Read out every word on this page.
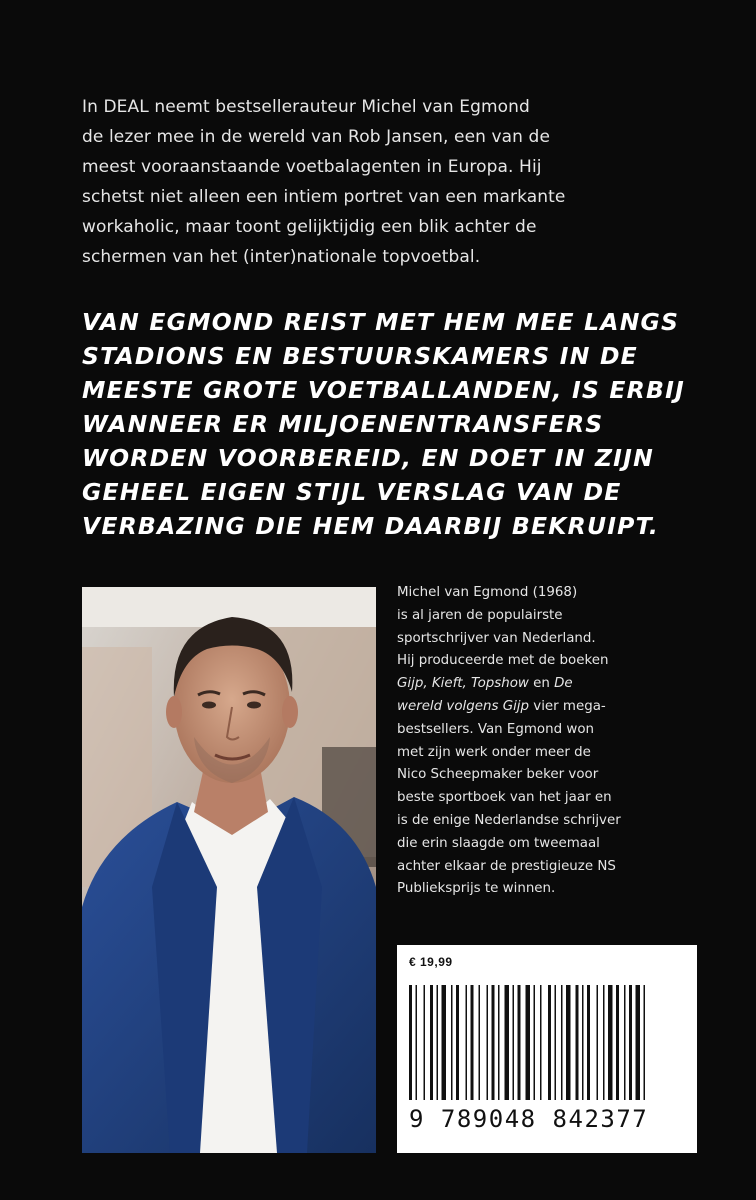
In DEAL neemt bestsellerauteur Michel van Egmond

de lezer mee in de wereld van Rob Jansen, een van de

meest vooraanstaande voetbalagenten in Europa. Hij

schetst niet alleen een intiem portret van een markante

workaholic, maar toont gelijktijdig een blik achter de

schermen van het (inter)nationale topvoetbal.

VAN EGMOND REIST MET HEM MEE LANGS
STADIONS EN BESTUURSKAMERS IN DE
MEESTE GROTE VOETBALLANDEN, IS ERBIJ
WANNEER ER MILJOENENTRANSFERS
WORDEN VOORBEREID, EN DOET IN ZIJN
GEHEEL EIGEN STIJL VERSLAG VAN DE
VERBAZING DIE HEM DAARBIJ BEKRUIPT.
Michel van Egmond (1968)
is al jaren de populairste
sportschrijver van Nederland.
Hij produceerde met de boeken
Gijp, Kieft, Topshow en De
wereld volgens Gijp vier mega-
bestsellers. Van Egmond won
met zijn werk onder meer de
Nico Scheepmaker beker voor
beste sportboek van het jaar en
is de enige Nederlandse schrijver
die erin slaagde om tweemaal
achter elkaar de prestigieuze NS
Publieksprijs te winnen.
€ 19,99
9 789048 842377
